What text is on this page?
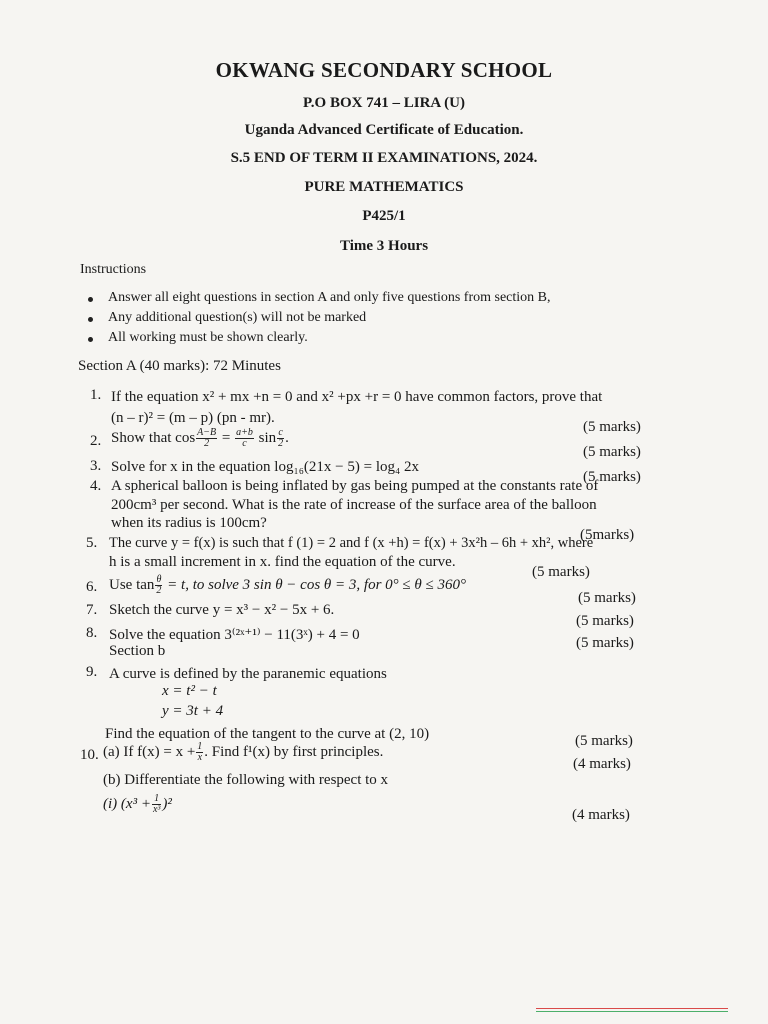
OKWANG SECONDARY SCHOOL
P.O BOX 741 – LIRA (U)
Uganda Advanced Certificate of Education.
S.5 END OF TERM II EXAMINATIONS, 2024.
PURE MATHEMATICS
P425/1
Time 3 Hours
Instructions
Answer all eight questions in section A and only five questions from section B,
Any additional question(s) will not be marked
All working must be shown clearly.
Section A (40 marks): 72 Minutes
1. If the equation x² + mx +n = 0 and x² +px +r = 0 have common factors, prove that
(n – r)² = (m – p) (pn - mr).
(5 marks)
2. Show that $\cos \frac{A-B}{2} = \frac{a+b}{c}$ $\sin \frac{c}{2}$ .
(5 marks)
3. Solve for x in the equation log₁₆(21x − 5) = log₄ 2x
(5 marks)
4. A spherical balloon is being inflated by gas being pumped at the constants rate of
200cm³ per second. What is the rate of increase of the surface area of the balloon
when its radius is 100cm?
(5marks)
5. The curve y = f(x) is such that f (1) = 2 and f (x +h) = f(x) + 3x²h – 6h + xh², where
h is a small increment in x. find the equation of the curve.
(5 marks)
6. Use $\tan \frac{\theta}{2} = t$, to solve 3 sin θ − cos θ = 3, for 0° ≤ θ ≤ 360°
(5 marks)
7. Sketch the curve y = x³ − x² − 5x + 6.
(5 marks)
8. Solve the equation 3⁽²ˣ⁺¹⁾ − 11(3ˣ) + 4 = 0	(5 marks)
Section b
9. A curve is defined by the paranemic equations
x = t² − t
y = 3t + 4
Find the equation of the tangent to the curve at (2, 10)	(5 marks)
10. (a) If $f(x) = x + \frac{1}{x}$ . Find f¹(x) by first principles.
(4 marks)
(b) Differentiate the following with respect to x
(i) $(x^3 + \frac{1}{\text{x³}} )^2$
(4 marks)
